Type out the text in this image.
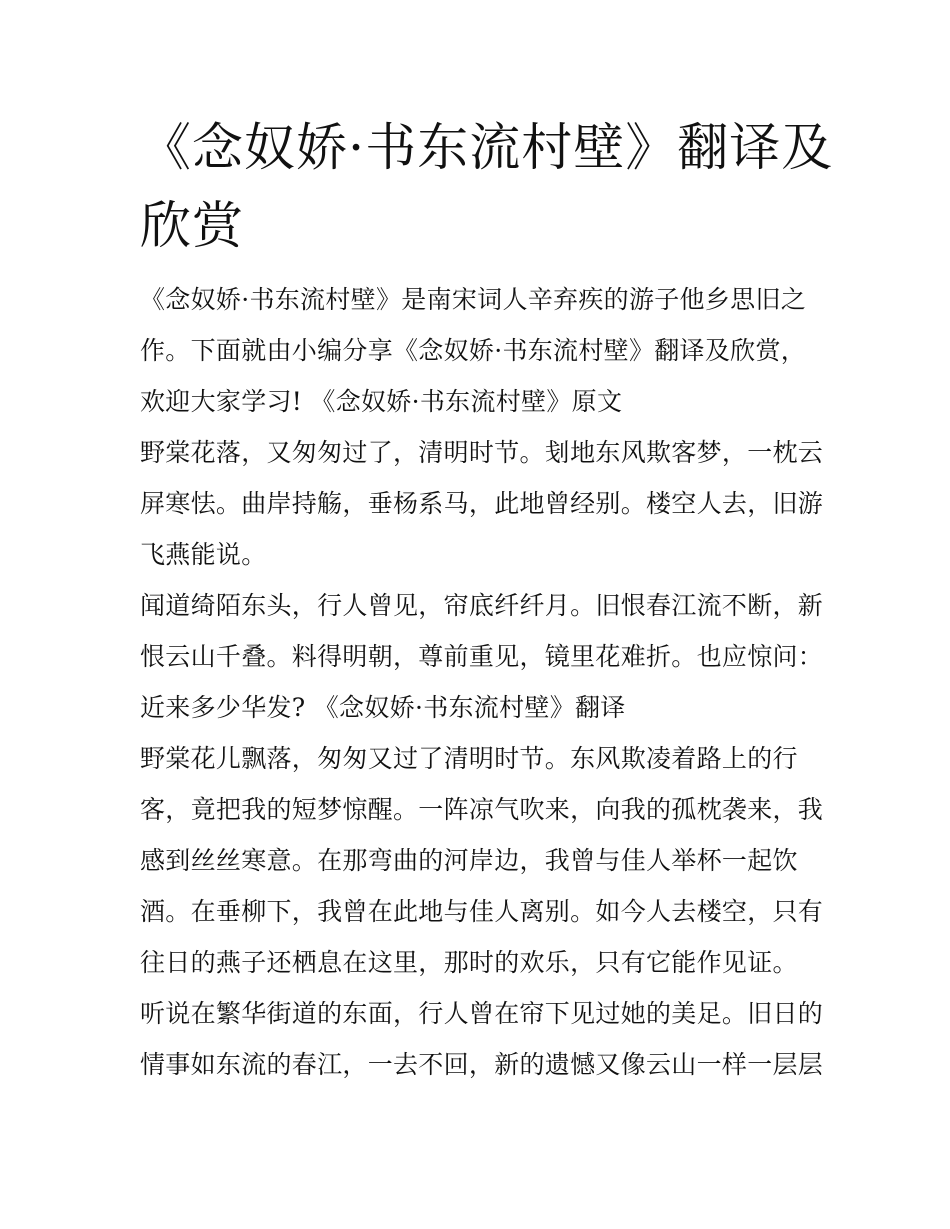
《念奴娇·书东流村壁》翻译及
欣赏

《念奴娇·书东流村壁》是南宋词人辛弃疾的游子他乡思旧之

作。下面就由小编分享《念奴娇·书东流村壁》翻译及欣赏，

欢迎大家学习! 《念奴娇·书东流村壁》原文

野棠花落，又匆匆过了，清明时节。刬地东风欺客梦，一枕云

屏寒怯。曲岸持觞，垂杨系马，此地曾经别。楼空人去，旧游

飞燕能说。

闻道绮陌东头，行人曾见，帘底纤纤月。旧恨春江流不断，新

恨云山千叠。料得明朝，尊前重见，镜里花难折。也应惊问：

近来多少华发? 《念奴娇·书东流村壁》翻译

野棠花儿飘落，匆匆又过了清明时节。东风欺凌着路上的行

客，竟把我的短梦惊醒。一阵凉气吹来，向我的孤枕袭来，我

感到丝丝寒意。在那弯曲的河岸边，我曾与佳人举杯一起饮

酒。在垂柳下，我曾在此地与佳人离别。如今人去楼空，只有

往日的燕子还栖息在这里，那时的欢乐，只有它能作见证。

听说在繁华街道的东面，行人曾在帘下见过她的美足。旧日的

情事如东流的春江，一去不回，新的遗憾又像云山一样一层层
